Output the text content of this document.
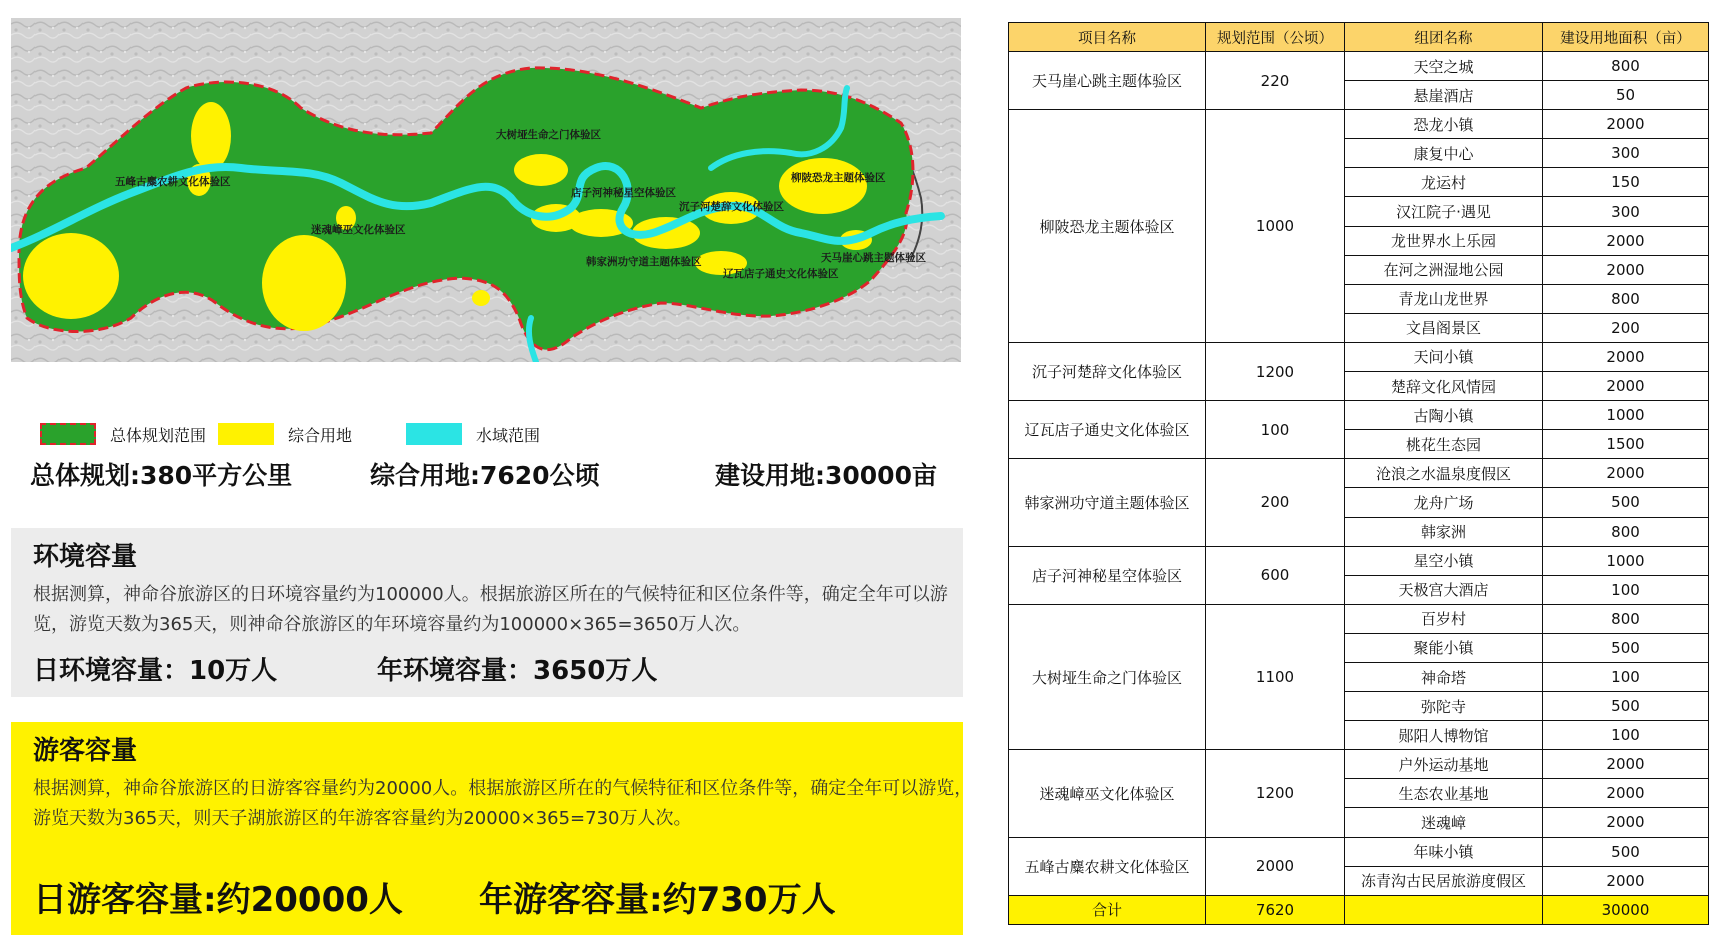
五峰古麋农耕文化体验区
迷魂嶂巫文化体验区
大树垭生命之门体验区
店子河神秘星空体验区
沉子河楚辞文化体验区
柳陂恐龙主题体验区
韩家洲功守道主题体验区
辽瓦店子通史文化体验区
天马崖心跳主题体验区
总体规划范围	综合用地	水域范围
总体规划:380平方公里	综合用地:7620公顷	建设用地:30000亩
环境容量
根据测算，神命谷旅游区的日环境容量约为100000人。根据旅游区所在的气候特征和区位条件等，确定全年可以游览，游览天数为365天，则神命谷旅游区的年环境容量约为100000×365=3650万人次。
日环境容量：10万人	年环境容量：3650万人
游客容量
根据测算，神命谷旅游区的日游客容量约为20000人。根据旅游区所在的气候特征和区位条件等，确定全年可以游览，游览天数为365天，则天子湖旅游区的年游客容量约为20000×365=730万人次。
日游客容量:约20000人 年游客容量:约730万人
项目名称	规划范围（公顷）	组团名称	建设用地面积（亩）
天马崖心跳主题体验区	220	天空之城	800
		悬崖酒店	50
柳陂恐龙主题体验区	1000	恐龙小镇	2000
		康复中心	300
		龙运村	150
		汉江院子·遇见	300
		龙世界水上乐园	2000
		在河之洲湿地公园	2000
		青龙山龙世界	800
		文昌阁景区	200
沉子河楚辞文化体验区	1200	天问小镇	2000
		楚辞文化风情园	2000
辽瓦店子通史文化体验区	100	古陶小镇	1000
		桃花生态园	1500
韩家洲功守道主题体验区	200	沧浪之水温泉度假区	2000
		龙舟广场	500
		韩家洲	800
店子河神秘星空体验区	600	星空小镇	1000
		天极宫大酒店	100
大树垭生命之门体验区	1100	百岁村	800
		聚能小镇	500
		神命塔	100
		弥陀寺	500
		郧阳人博物馆	100
迷魂嶂巫文化体验区	1200	户外运动基地	2000
		生态农业基地	2000
		迷魂嶂	2000
五峰古麋农耕文化体验区	2000	年味小镇	500
		冻青沟古民居旅游度假区	2000
合计	7620		30000
